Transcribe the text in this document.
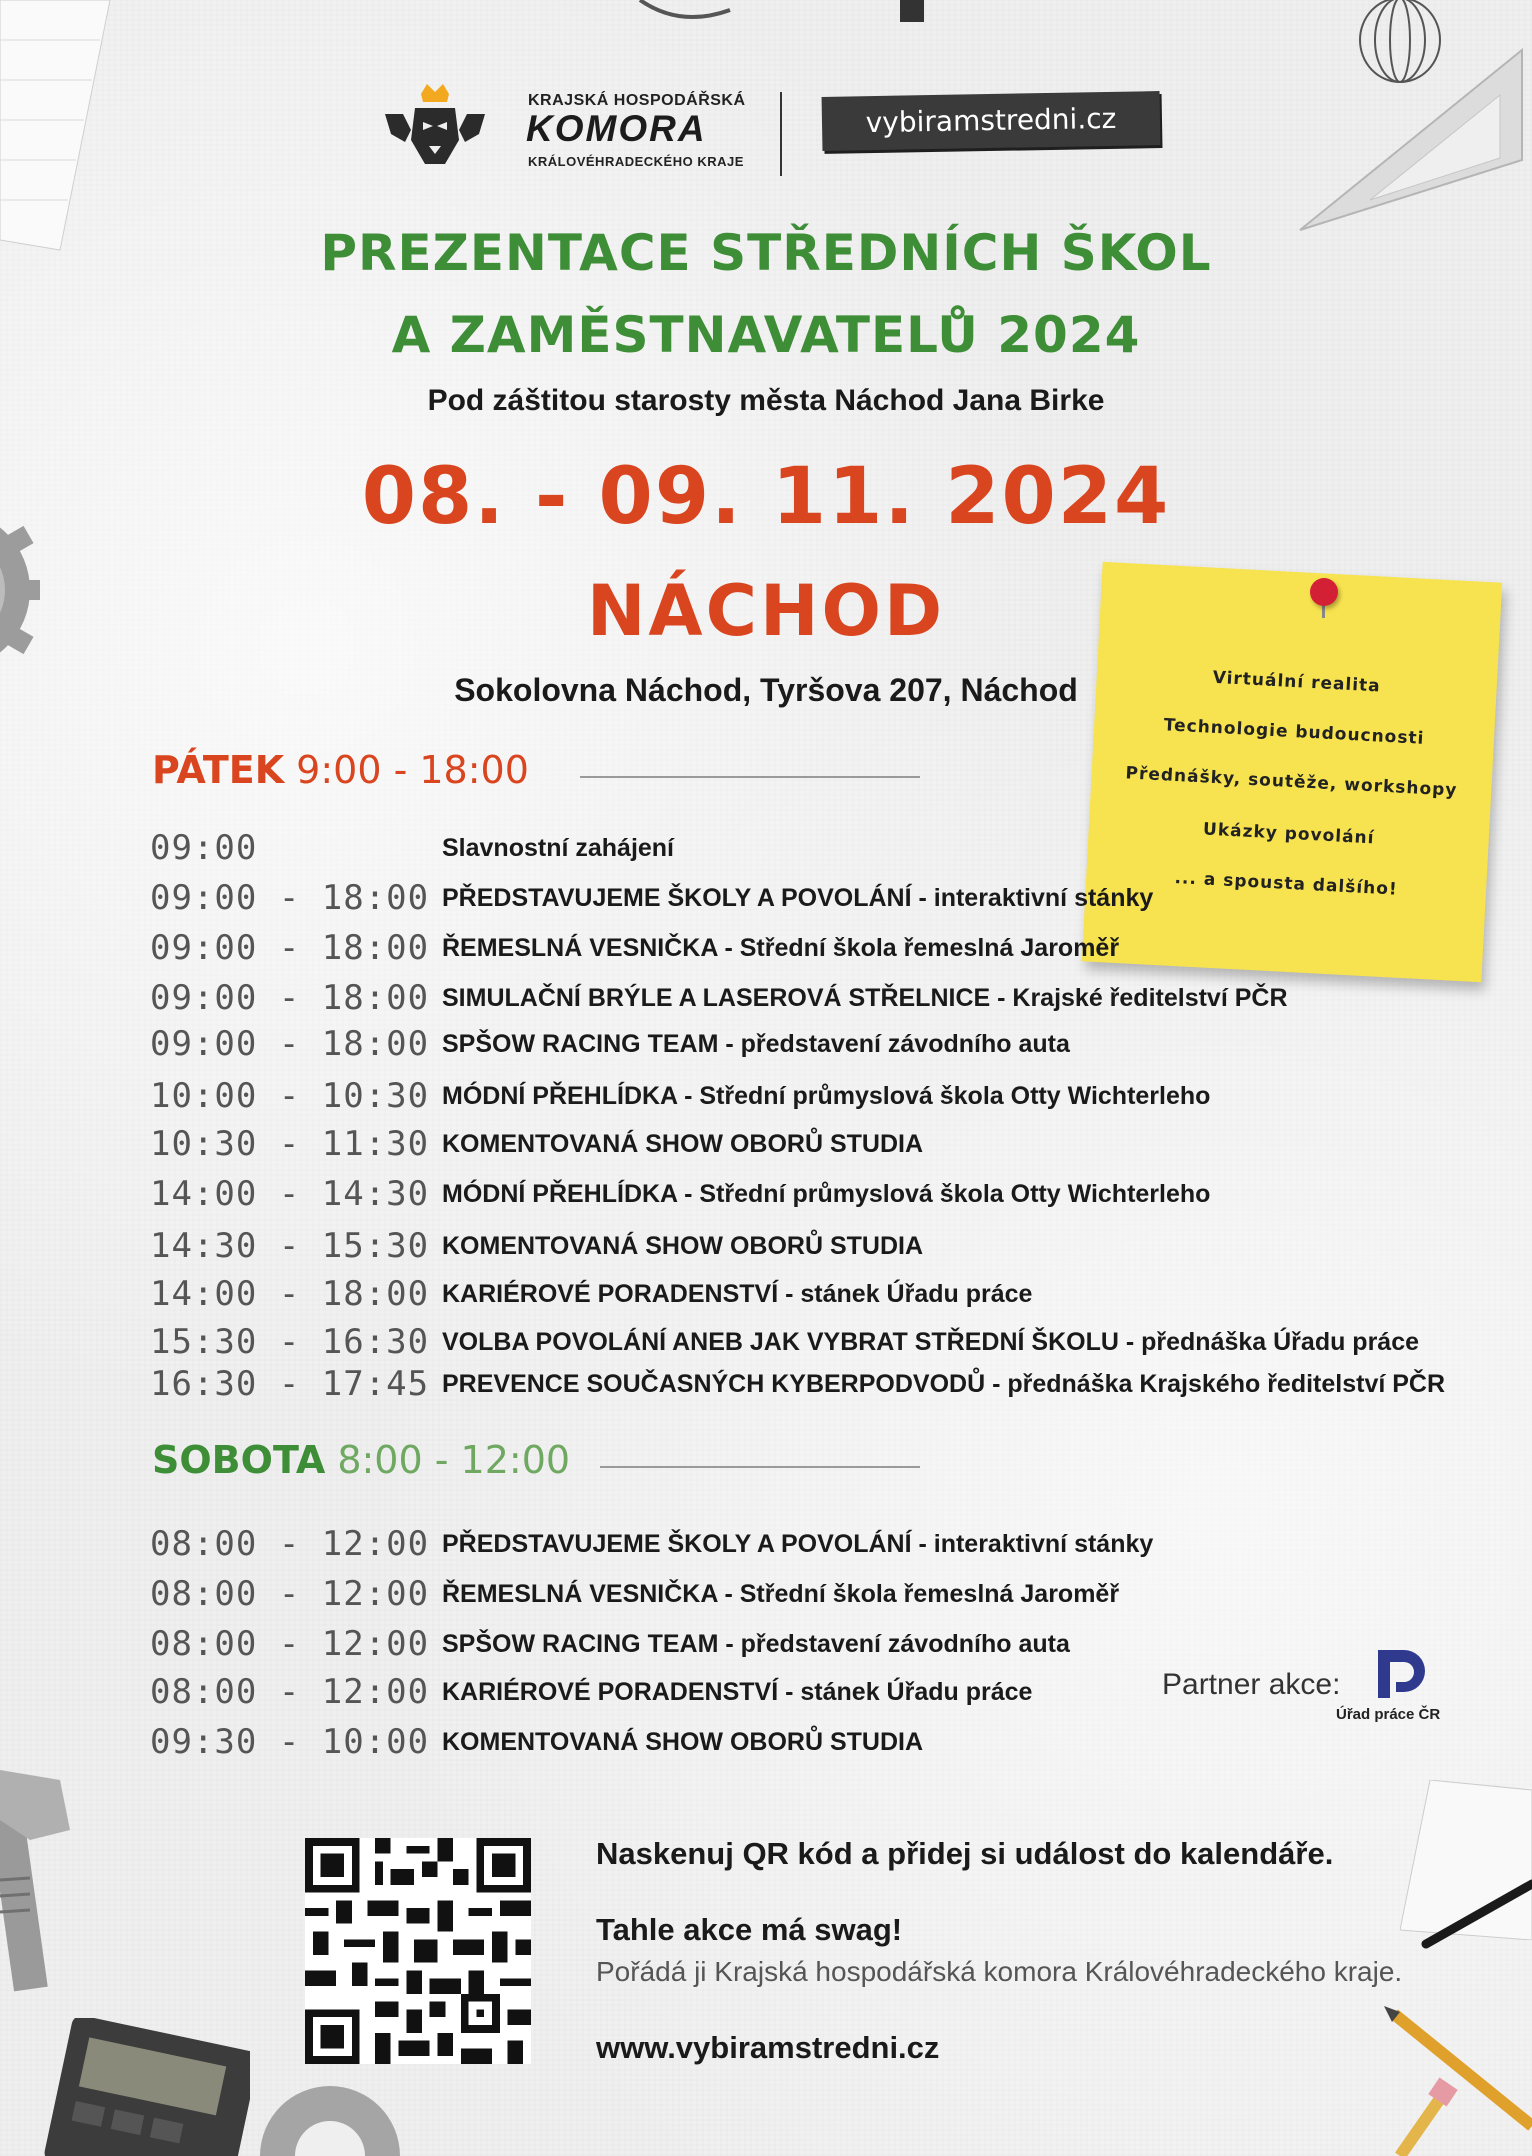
KRAJSKÁ HOSPODÁŘSKÁ
KOMORA
KRÁLOVÉHRADECKÉHO KRAJE
vybiramstredni.cz
PREZENTACE STŘEDNÍCH ŠKOL
A ZAMĚSTNAVATELŮ 2024
Pod záštitou starosty města Náchod Jana Birke
08. - 09. 11. 2024
NÁCHOD
Sokolovna Náchod, Tyršova 207, Náchod	Virtuální realita
Technologie budoucnosti
Přednášky, soutěže, workshopy
Ukázky povolání
... a spousta dalšího!
PÁTEK 9:00 - 18:00
09:00	Slavnostní zahájení
09:00 - 18:00 PŘEDSTAVUJEME ŠKOLY A POVOLÁNÍ - interaktivní stánky
09:00 - 18:00 ŘEMESLNÁ VESNIČKA - Střední škola řemeslná Jaroměř
09:00 - 18:00 SIMULAČNÍ BRÝLE A LASEROVÁ STŘELNICE - Krajské ředitelství PČR
09:00 - 18:00 SPŠOW RACING TEAM - představení závodního auta
10:00 - 10:30 MÓDNÍ PŘEHLÍDKA - Střední průmyslová škola Otty Wichterleho
10:30 - 11:30 KOMENTOVANÁ SHOW OBORŮ STUDIA
14:00 - 14:30 MÓDNÍ PŘEHLÍDKA - Střední průmyslová škola Otty Wichterleho
14:30 - 15:30 KOMENTOVANÁ SHOW OBORŮ STUDIA
14:00 - 18:00 KARIÉROVÉ PORADENSTVÍ - stánek Úřadu práce
15:30 - 16:30 VOLBA POVOLÁNÍ ANEB JAK VYBRAT STŘEDNÍ ŠKOLU - přednáška Úřadu práce
16:30 - 17:45 PREVENCE SOUČASNÝCH KYBERPODVODŮ - přednáška Krajského ředitelství PČR
SOBOTA 8:00 - 12:00
08:00 - 12:00 PŘEDSTAVUJEME ŠKOLY A POVOLÁNÍ - interaktivní stánky
08:00 - 12:00 ŘEMESLNÁ VESNIČKA - Střední škola řemeslná Jaroměř
08:00 - 12:00 SPŠOW RACING TEAM - představení závodního auta
08:00 - 12:00 KARIÉROVÉ PORADENSTVÍ - stánek Úřadu práce
09:30 - 10:00 KOMENTOVANÁ SHOW OBORŮ STUDIA
Partner akce:
Úřad práce ČR
Naskenuj QR kód a přidej si událost do kalendáře.
Tahle akce má swag!
Pořádá ji Krajská hospodářská komora Královéhradeckého kraje.
www.vybiramstredni.cz
